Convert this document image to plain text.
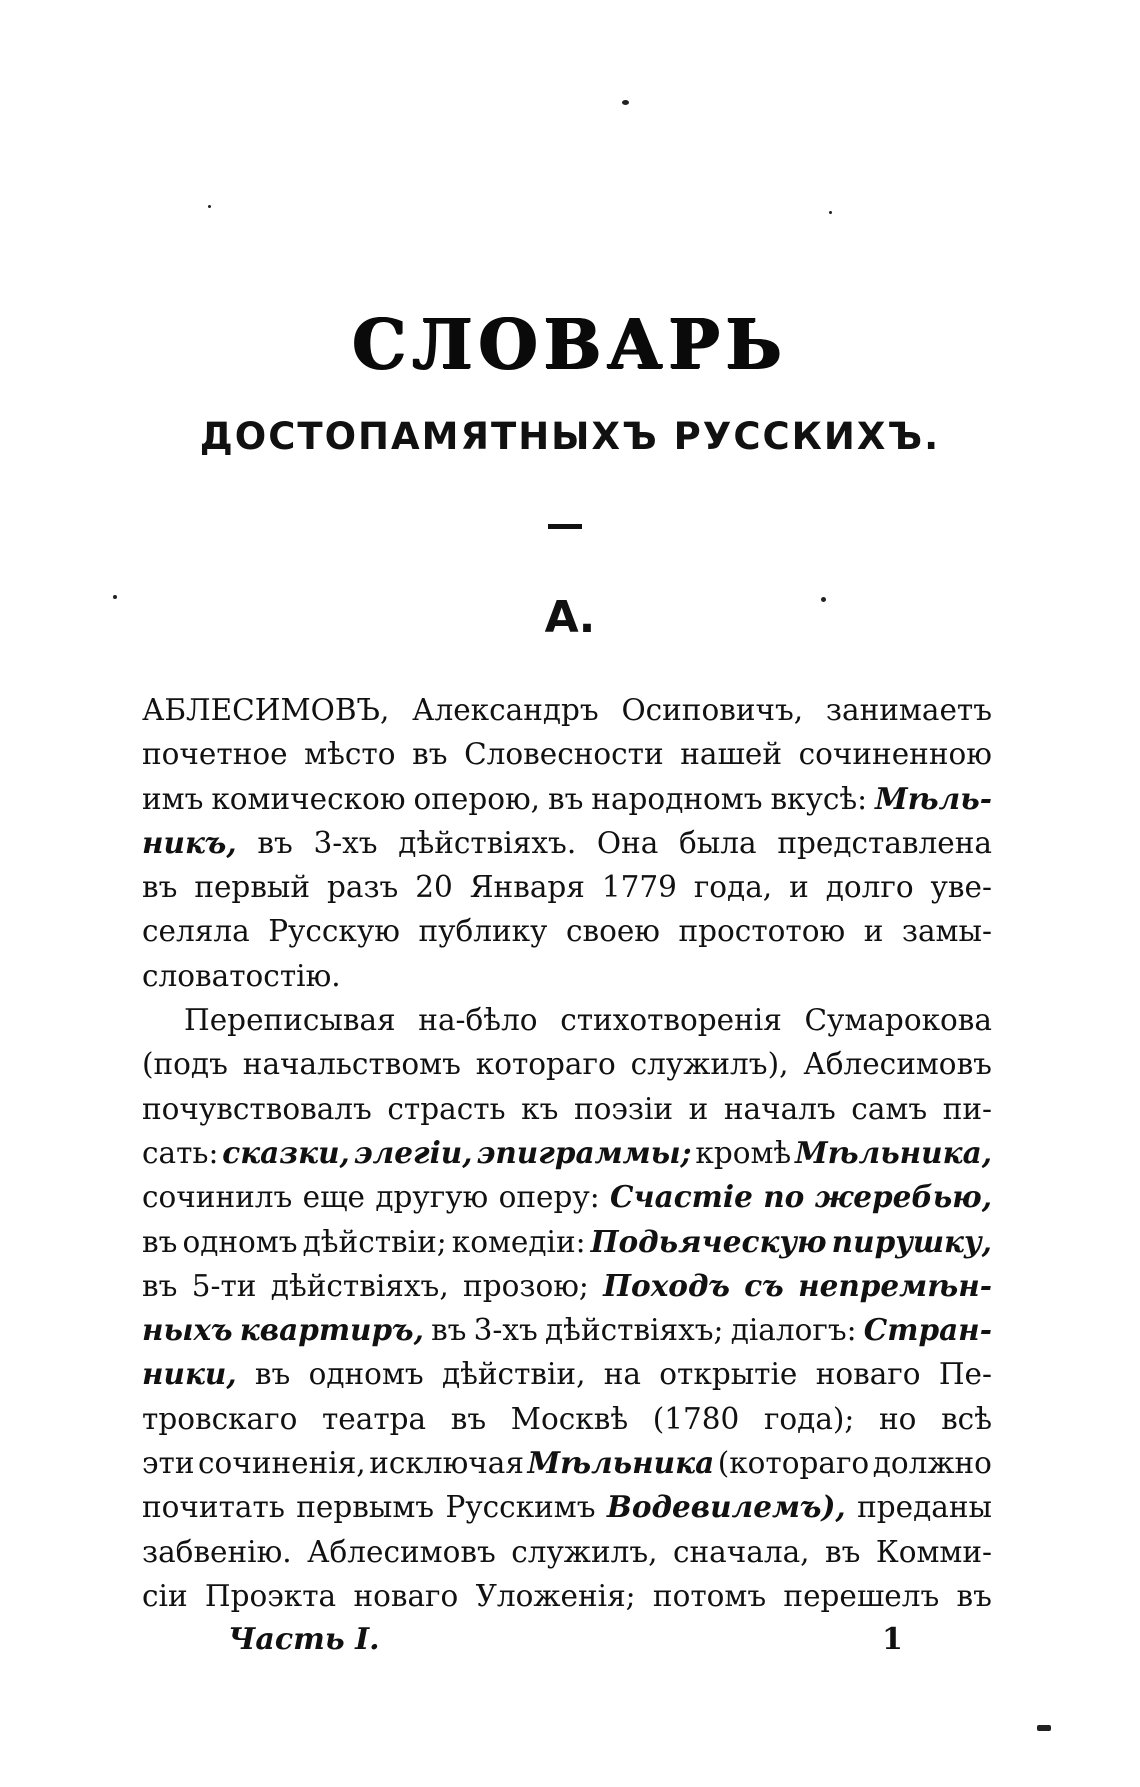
СЛОВАРЬ
ДОСТОПАМЯТНЫХЪ РУССКИХЪ.
А.
АБЛЕСИМОВЪ, Александръ Осиповичъ, занимаетъ
почетное мѣсто въ Словесности нашей сочиненною
имъ комическою оперою, въ народномъ вкусѣ: Мѣль-
никъ, въ 3-хъ дѣйствіяхъ. Она была представлена
въ первый разъ 20 Января 1779 года, и долго уве-
селяла Русскую публику своею простотою и замы-
словатостію.
Переписывая на-бѣло стихотворенія Сумарокова
(подъ начальствомъ котораго служилъ), Аблесимовъ
почувствовалъ страсть къ поэзіи и началъ самъ пи-
сать: сказки, элегіи, эпиграммы; кромѣ Мѣльника,
сочинилъ еще другую оперу: Счастіе по жеребью,
въ одномъ дѣйствіи; комедіи: Подьяческую пирушку,
въ 5-ти дѣйствіяхъ, прозою; Походъ съ непремѣн-
ныхъ квартиръ, въ 3-хъ дѣйствіяхъ; діалогъ: Стран-
ники, въ одномъ дѣйствіи, на открытіе новаго Пе-
тровскаго театра въ Москвѣ (1780 года); но всѣ
эти сочиненія, исключая Мѣльника (котораго должно
почитать первымъ Русскимъ Водевилемъ), преданы
забвенію. Аблесимовъ служилъ, сначала, въ Комми-
сіи Проэкта новаго Уложенія; потомъ перешелъ въ
Часть I.	1
